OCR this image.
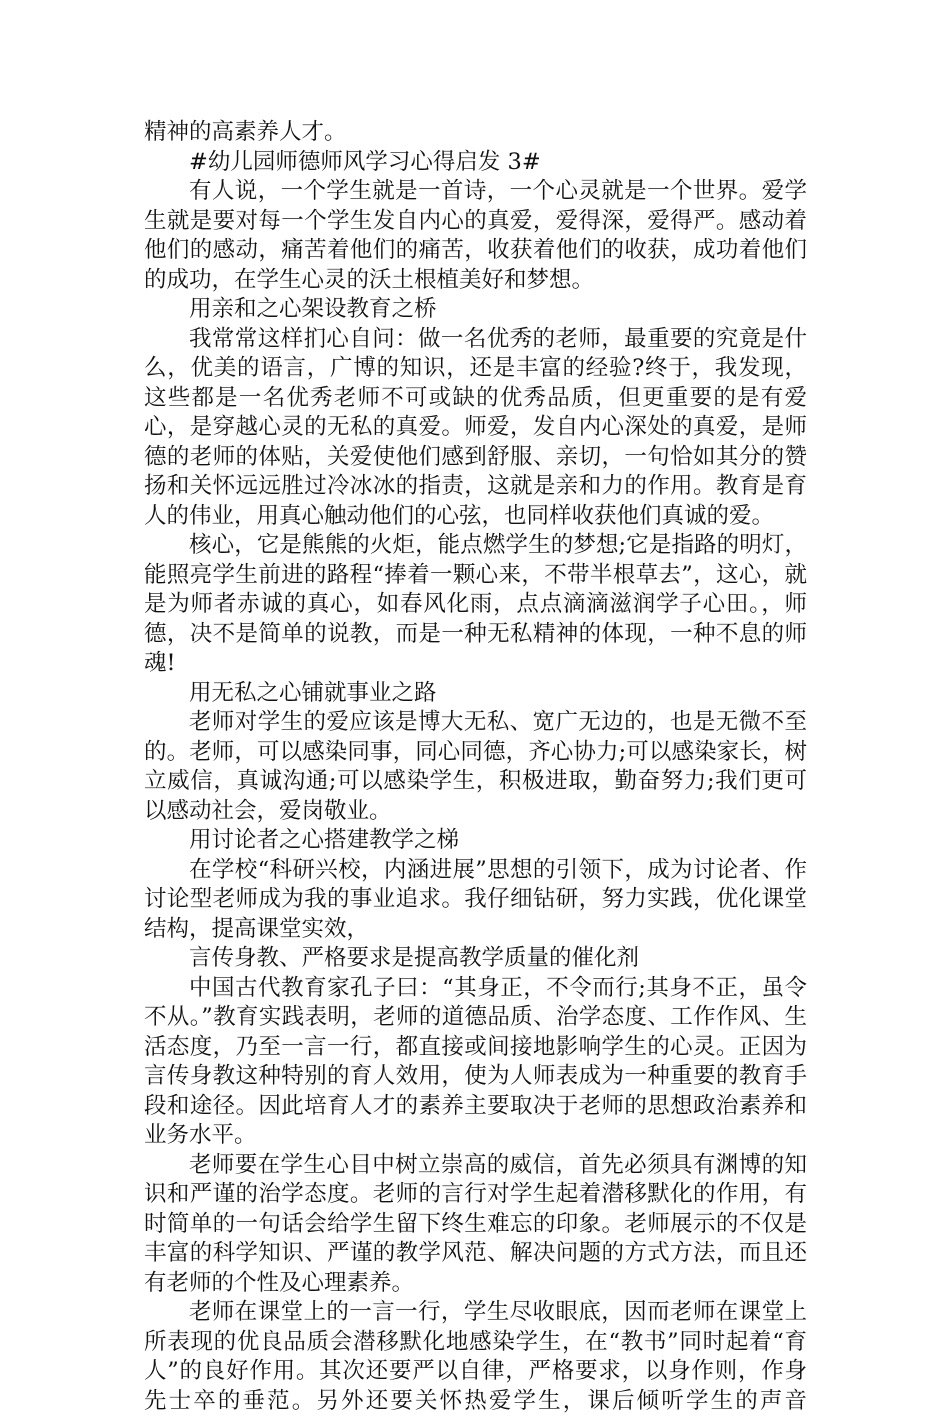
精神的高素养人才。

#幼儿园师德师风学习心得启发 3#

有人说，一个学生就是一首诗，一个心灵就是一个世界。爱学生就是要对每一个学生发自内心的真爱，爱得深，爱得严。感动着他们的感动，痛苦着他们的痛苦，收获着他们的收获，成功着他们的成功，在学生心灵的沃土根植美好和梦想。

用亲和之心架设教育之桥

我常常这样扪心自问：做一名优秀的老师，最重要的究竟是什么，优美的语言，广博的知识，还是丰富的经验?终于，我发现，这些都是一名优秀老师不可或缺的优秀品质，但更重要的是有爱心，是穿越心灵的无私的真爱。师爱，发自内心深处的真爱，是师德的老师的体贴，关爱使他们感到舒服、亲切，一句恰如其分的赞扬和关怀远远胜过冷冰冰的指责，这就是亲和力的作用。教育是育人的伟业，用真心触动他们的心弦，也同样收获他们真诚的爱。

核心，它是熊熊的火炬，能点燃学生的梦想;它是指路的明灯，能照亮学生前进的路程“捧着一颗心来，不带半根草去”，这心，就是为师者赤诚的真心，如春风化雨，点点滴滴滋润学子心田。，师德，决不是简单的说教，而是一种无私精神的体现，一种不息的师魂!

用无私之心铺就事业之路

老师对学生的爱应该是博大无私、宽广无边的，也是无微不至的。老师，可以感染同事，同心同德，齐心协力;可以感染家长，树立威信，真诚沟通;可以感染学生，积极进取，勤奋努力;我们更可以感动社会，爱岗敬业。

用讨论者之心搭建教学之梯

在学校“科研兴校，内涵进展”思想的引领下，成为讨论者、作讨论型老师成为我的事业追求。我仔细钻研，努力实践，优化课堂结构，提高课堂实效，

言传身教、严格要求是提高教学质量的催化剂

中国古代教育家孔子曰：“其身正，不令而行;其身不正，虽令不从。”教育实践表明，老师的道德品质、治学态度、工作作风、生活态度，乃至一言一行，都直接或间接地影响学生的心灵。正因为言传身教这种特别的育人效用，使为人师表成为一种重要的教育手段和途径。因此培育人才的素养主要取决于老师的思想政治素养和业务水平。

老师要在学生心目中树立崇高的威信，首先必须具有渊博的知识和严谨的治学态度。老师的言行对学生起着潜移默化的作用，有时简单的一句话会给学生留下终生难忘的印象。老师展示的不仅是丰富的科学知识、严谨的教学风范、解决问题的方式方法，而且还有老师的个性及心理素养。

老师在课堂上的一言一行，学生尽收眼底，因而老师在课堂上所表现的优良品质会潜移默化地感染学生，在“教书”同时起着“育人”的良好作用。其次还要严以自律，严格要求，以身作则，作身先士卒的垂范。另外还要关怀热爱学生，课后倾听学生的声音
